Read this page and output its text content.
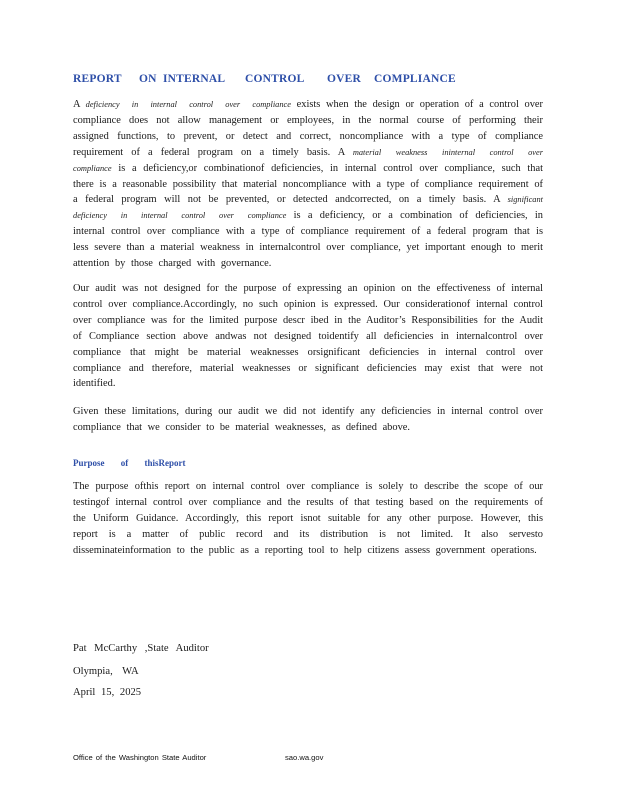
REPORT ON INTERNAL CONTROL OVER COMPLIANCE
A deficiency in internal control over compliance exists when the design or operation of a control over compliance does not allow management or employees, in the normal course of performing their assigned functions, to prevent, or detect and correct, noncompliance with a type of compliance requirement of a federal program on a timely basis. A material weakness ininternal control over compliance is a deficiency,or combinationof deficiencies, in internal control over compliance, such that there is a reasonable possibility that material noncompliance with a type of compliance requirement of a federal program will not be prevented, or detected andcorrected, on a timely basis. A significant deficiency in internal control over compliance is a deficiency, or a combination of deficiencies, in internal control over compliance with a type of compliance requirement of a federal program that is less severe than a material weakness in internalcontrol over compliance, yet important enough to merit attention by those charged with governance.
Our audit was not designed for the purpose of expressing an opinion on the effectiveness of internal control over compliance.Accordingly, no such opinion is expressed. Our considerationof internal control over compliance was for the limited purpose descr ibed in the Auditor’s Responsibilities for the Audit of Compliance section above andwas not designed toidentify all deficiencies in internalcontrol over compliance that might be material weaknesses orsignificant deficiencies in internal control over compliance and therefore, material weaknesses or significant deficiencies may exist that were not identified.
Given these limitations, during our audit we did not identify any deficiencies in internal control over compliance that we consider to be material weaknesses, as defined above.
Purpose of thisReport
The purpose ofthis report on internal control over compliance is solely to describe the scope of our testingof internal control over compliance and the results of that testing based on the requirements of the Uniform Guidance. Accordingly, this report isnot suitable for any other purpose. However, this report is a matter of public record and its distribution is not limited. It also servesto disseminateinformation to the public as a reporting tool to help citizens assess government operations.
Pat McCarthy ,State Auditor
Olympia, WA
April 15, 2025
Office of the Washington State Auditor	sao.wa.gov
